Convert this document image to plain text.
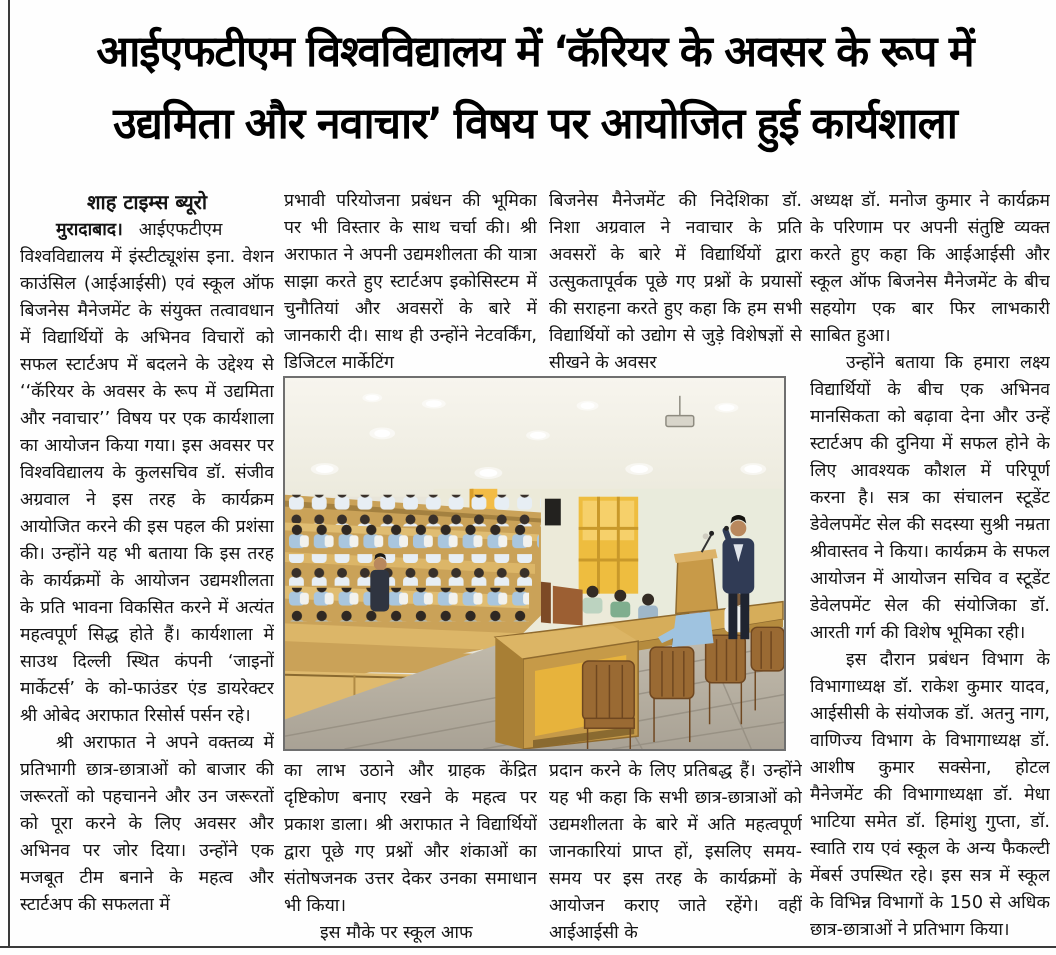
आईएफटीएम विश्वविद्यालय में ‘कॅरियर के अवसर के रूप में
उद्यमिता और नवाचार’ विषय पर आयोजित हुई कार्यशाला

शाह टाइम्स ब्यूरो

मुरादाबाद। आईएफटीएम विश्वविद्यालय में इंस्टीट्यूशंस इना. वेशन काउंसिल (आईआईसी) एवं स्कूल ऑफ बिजनेस मैनेजमेंट के संयुक्त तत्वावधान में विद्यार्थियों के अभिनव विचारों को सफल स्टार्टअप में बदलने के उद्देश्य से ‘‘कॅरियर के अवसर के रूप में उद्यमिता और नवाचार’’ विषय पर एक कार्यशाला का आयोजन किया गया। इस अवसर पर विश्वविद्यालय के कुलसचिव डॉ. संजीव अग्रवाल ने इस तरह के कार्यक्रम आयोजित करने की इस पहल की प्रशंसा की। उन्होंने यह भी बताया कि इस तरह के कार्यक्रमों के आयोजन उद्यमशीलता के प्रति भावना विकसित करने में अत्यंत महत्वपूर्ण सिद्ध होते हैं। कार्यशाला में साउथ दिल्ली स्थित कंपनी ‘जाइनों मार्केटर्स’ के को-फाउंडर एंड डायरेक्टर श्री ओबेद अराफात रिसोर्स पर्सन रहे।

श्री अराफात ने अपने वक्तव्य में प्रतिभागी छात्र-छात्राओं को बाजार की जरूरतों को पहचानने और उन जरूरतों को पूरा करने के लिए अवसर और अभिनव पर जोर दिया। उन्होंने एक मजबूत टीम बनाने के महत्व और स्टार्टअप की सफलता में

प्रभावी परियोजना प्रबंधन की भूमिका पर भी विस्तार के साथ चर्चा की। श्री अराफात ने अपनी उद्यमशीलता की यात्रा साझा करते हुए स्टार्टअप इकोसिस्टम में चुनौतियां और अवसरों के बारे में जानकारी दी। साथ ही उन्होंने नेटवर्किंग, डिजिटल मार्केटिंग

बिजनेस मैनेजमेंट की निदेशिका डॉ. निशा अग्रवाल ने नवाचार के प्रति अवसरों के बारे में विद्यार्थियों द्वारा उत्सुकतापूर्वक पूछे गए प्रश्नों के प्रयासों की सराहना करते हुए कहा कि हम सभी विद्यार्थियों को उद्योग से जुड़े विशेषज्ञों से सीखने के अवसर

का लाभ उठाने और ग्राहक केंद्रित दृष्टिकोण बनाए रखने के महत्व पर प्रकाश डाला। श्री अराफात ने विद्यार्थियों द्वारा पूछे गए प्रश्नों और शंकाओं का संतोषजनक उत्तर देकर उनका समाधान भी किया।

इस मौके पर स्कूल आफ

प्रदान करने के लिए प्रतिबद्ध हैं। उन्होंने यह भी कहा कि सभी छात्र-छात्राओं को उद्यमशीलता के बारे में अति महत्वपूर्ण जानकारियां प्राप्त हों, इसलिए समय-समय पर इस तरह के कार्यक्रमों के आयोजन कराए जाते रहेंगे। वहीं आईआईसी के

अध्यक्ष डॉ. मनोज कुमार ने कार्यक्रम के परिणाम पर अपनी संतुष्टि व्यक्त करते हुए कहा कि आईआईसी और स्कूल ऑफ बिजनेस मैनेजमेंट के बीच सहयोग एक बार फिर लाभकारी साबित हुआ।

उन्होंने बताया कि हमारा लक्ष्य विद्यार्थियों के बीच एक अभिनव मानसिकता को बढ़ावा देना और उन्हें स्टार्टअप की दुनिया में सफल होने के लिए आवश्यक कौशल में परिपूर्ण करना है। सत्र का संचालन स्टूडेंट डेवेलपमेंट सेल की सदस्या सुश्री नम्रता श्रीवास्तव ने किया। कार्यक्रम के सफल आयोजन में आयोजन सचिव व स्टूडेंट डेवेलपमेंट सेल की संयोजिका डॉ. आरती गर्ग की विशेष भूमिका रही।

इस दौरान प्रबंधन विभाग के विभागाध्यक्ष डॉ. राकेश कुमार यादव, आईसीसी के संयोजक डॉ. अतनु नाग, वाणिज्य विभाग के विभागाध्यक्ष डॉ. आशीष कुमार सक्सेना, होटल मैनेजमेंट की विभागाध्यक्षा डॉ. मेधा भाटिया समेत डॉ. हिमांशु गुप्ता, डॉ. स्वाति राय एवं स्कूल के अन्य फैकल्टी मेंबर्स उपस्थित रहे। इस सत्र में स्कूल के विभिन्न विभागों के 150 से अधिक छात्र-छात्राओं ने प्रतिभाग किया।
